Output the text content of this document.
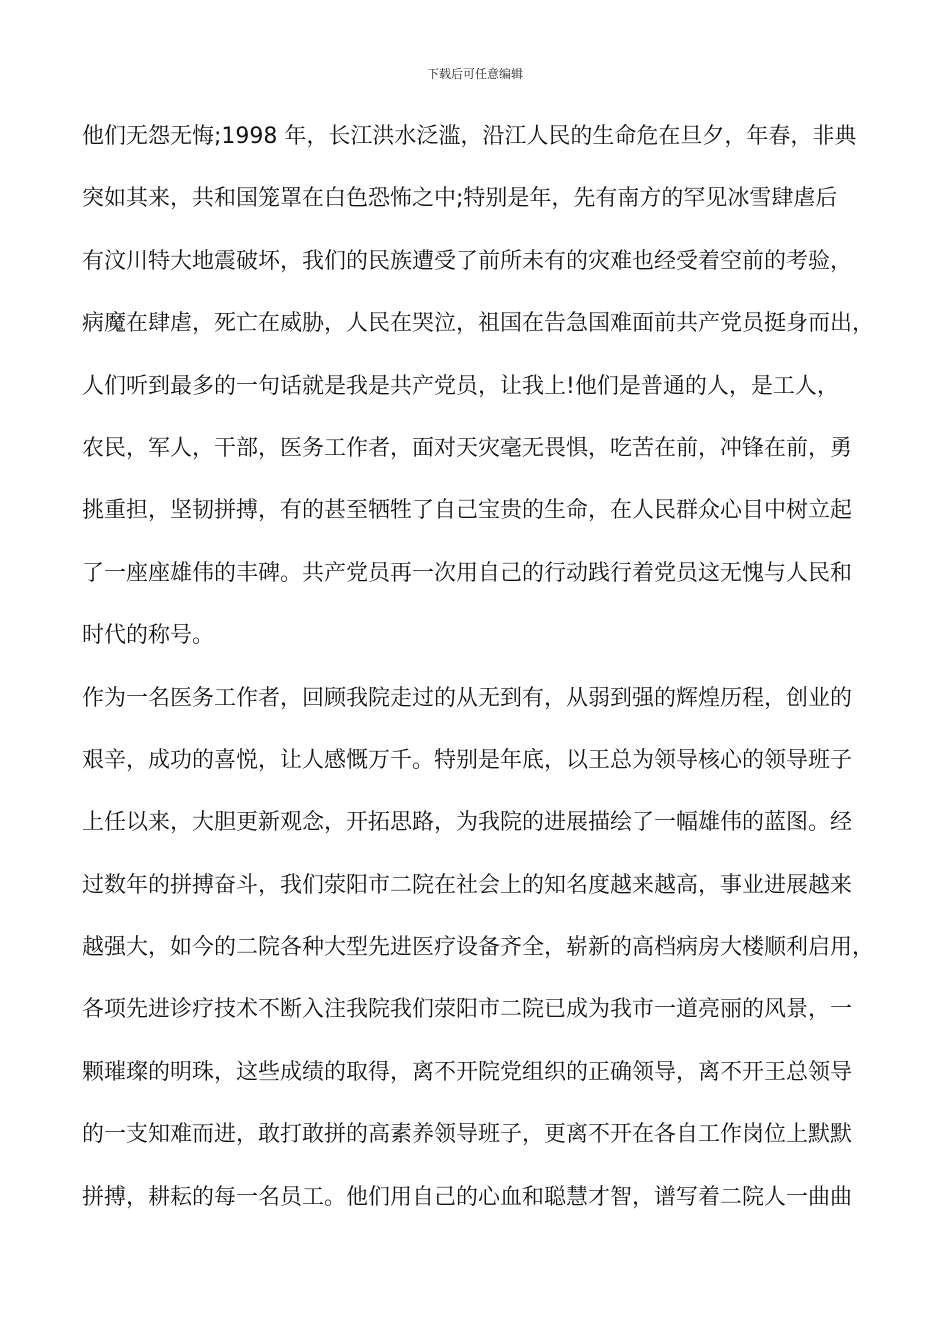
下载后可任意编辑
他们无怨无悔;1998 年，长江洪水泛滥，沿江人民的生命危在旦夕，年春，非典
突如其来，共和国笼罩在白色恐怖之中;特别是年，先有南方的罕见冰雪肆虐后
有汶川特大地震破坏，我们的民族遭受了前所未有的灾难也经受着空前的考验，
病魔在肆虐，死亡在威胁，人民在哭泣，祖国在告急国难面前共产党员挺身而出，
人们听到最多的一句话就是我是共产党员，让我上!他们是普通的人，是工人，
农民，军人，干部，医务工作者，面对天灾毫无畏惧，吃苦在前，冲锋在前，勇
挑重担，坚韧拼搏，有的甚至牺牲了自己宝贵的生命，在人民群众心目中树立起
了一座座雄伟的丰碑。共产党员再一次用自己的行动践行着党员这无愧与人民和
时代的称号。
作为一名医务工作者，回顾我院走过的从无到有，从弱到强的辉煌历程，创业的
艰辛，成功的喜悦，让人感慨万千。特别是年底，以王总为领导核心的领导班子
上任以来，大胆更新观念，开拓思路，为我院的进展描绘了一幅雄伟的蓝图。经
过数年的拼搏奋斗，我们荥阳市二院在社会上的知名度越来越高，事业进展越来
越强大，如今的二院各种大型先进医疗设备齐全，崭新的高档病房大楼顺利启用，
各项先进诊疗技术不断入注我院我们荥阳市二院已成为我市一道亮丽的风景，一
颗璀璨的明珠，这些成绩的取得，离不开院党组织的正确领导，离不开王总领导
的一支知难而进，敢打敢拼的高素养领导班子，更离不开在各自工作岗位上默默
拼搏，耕耘的每一名员工。他们用自己的心血和聪慧才智，谱写着二院人一曲曲
